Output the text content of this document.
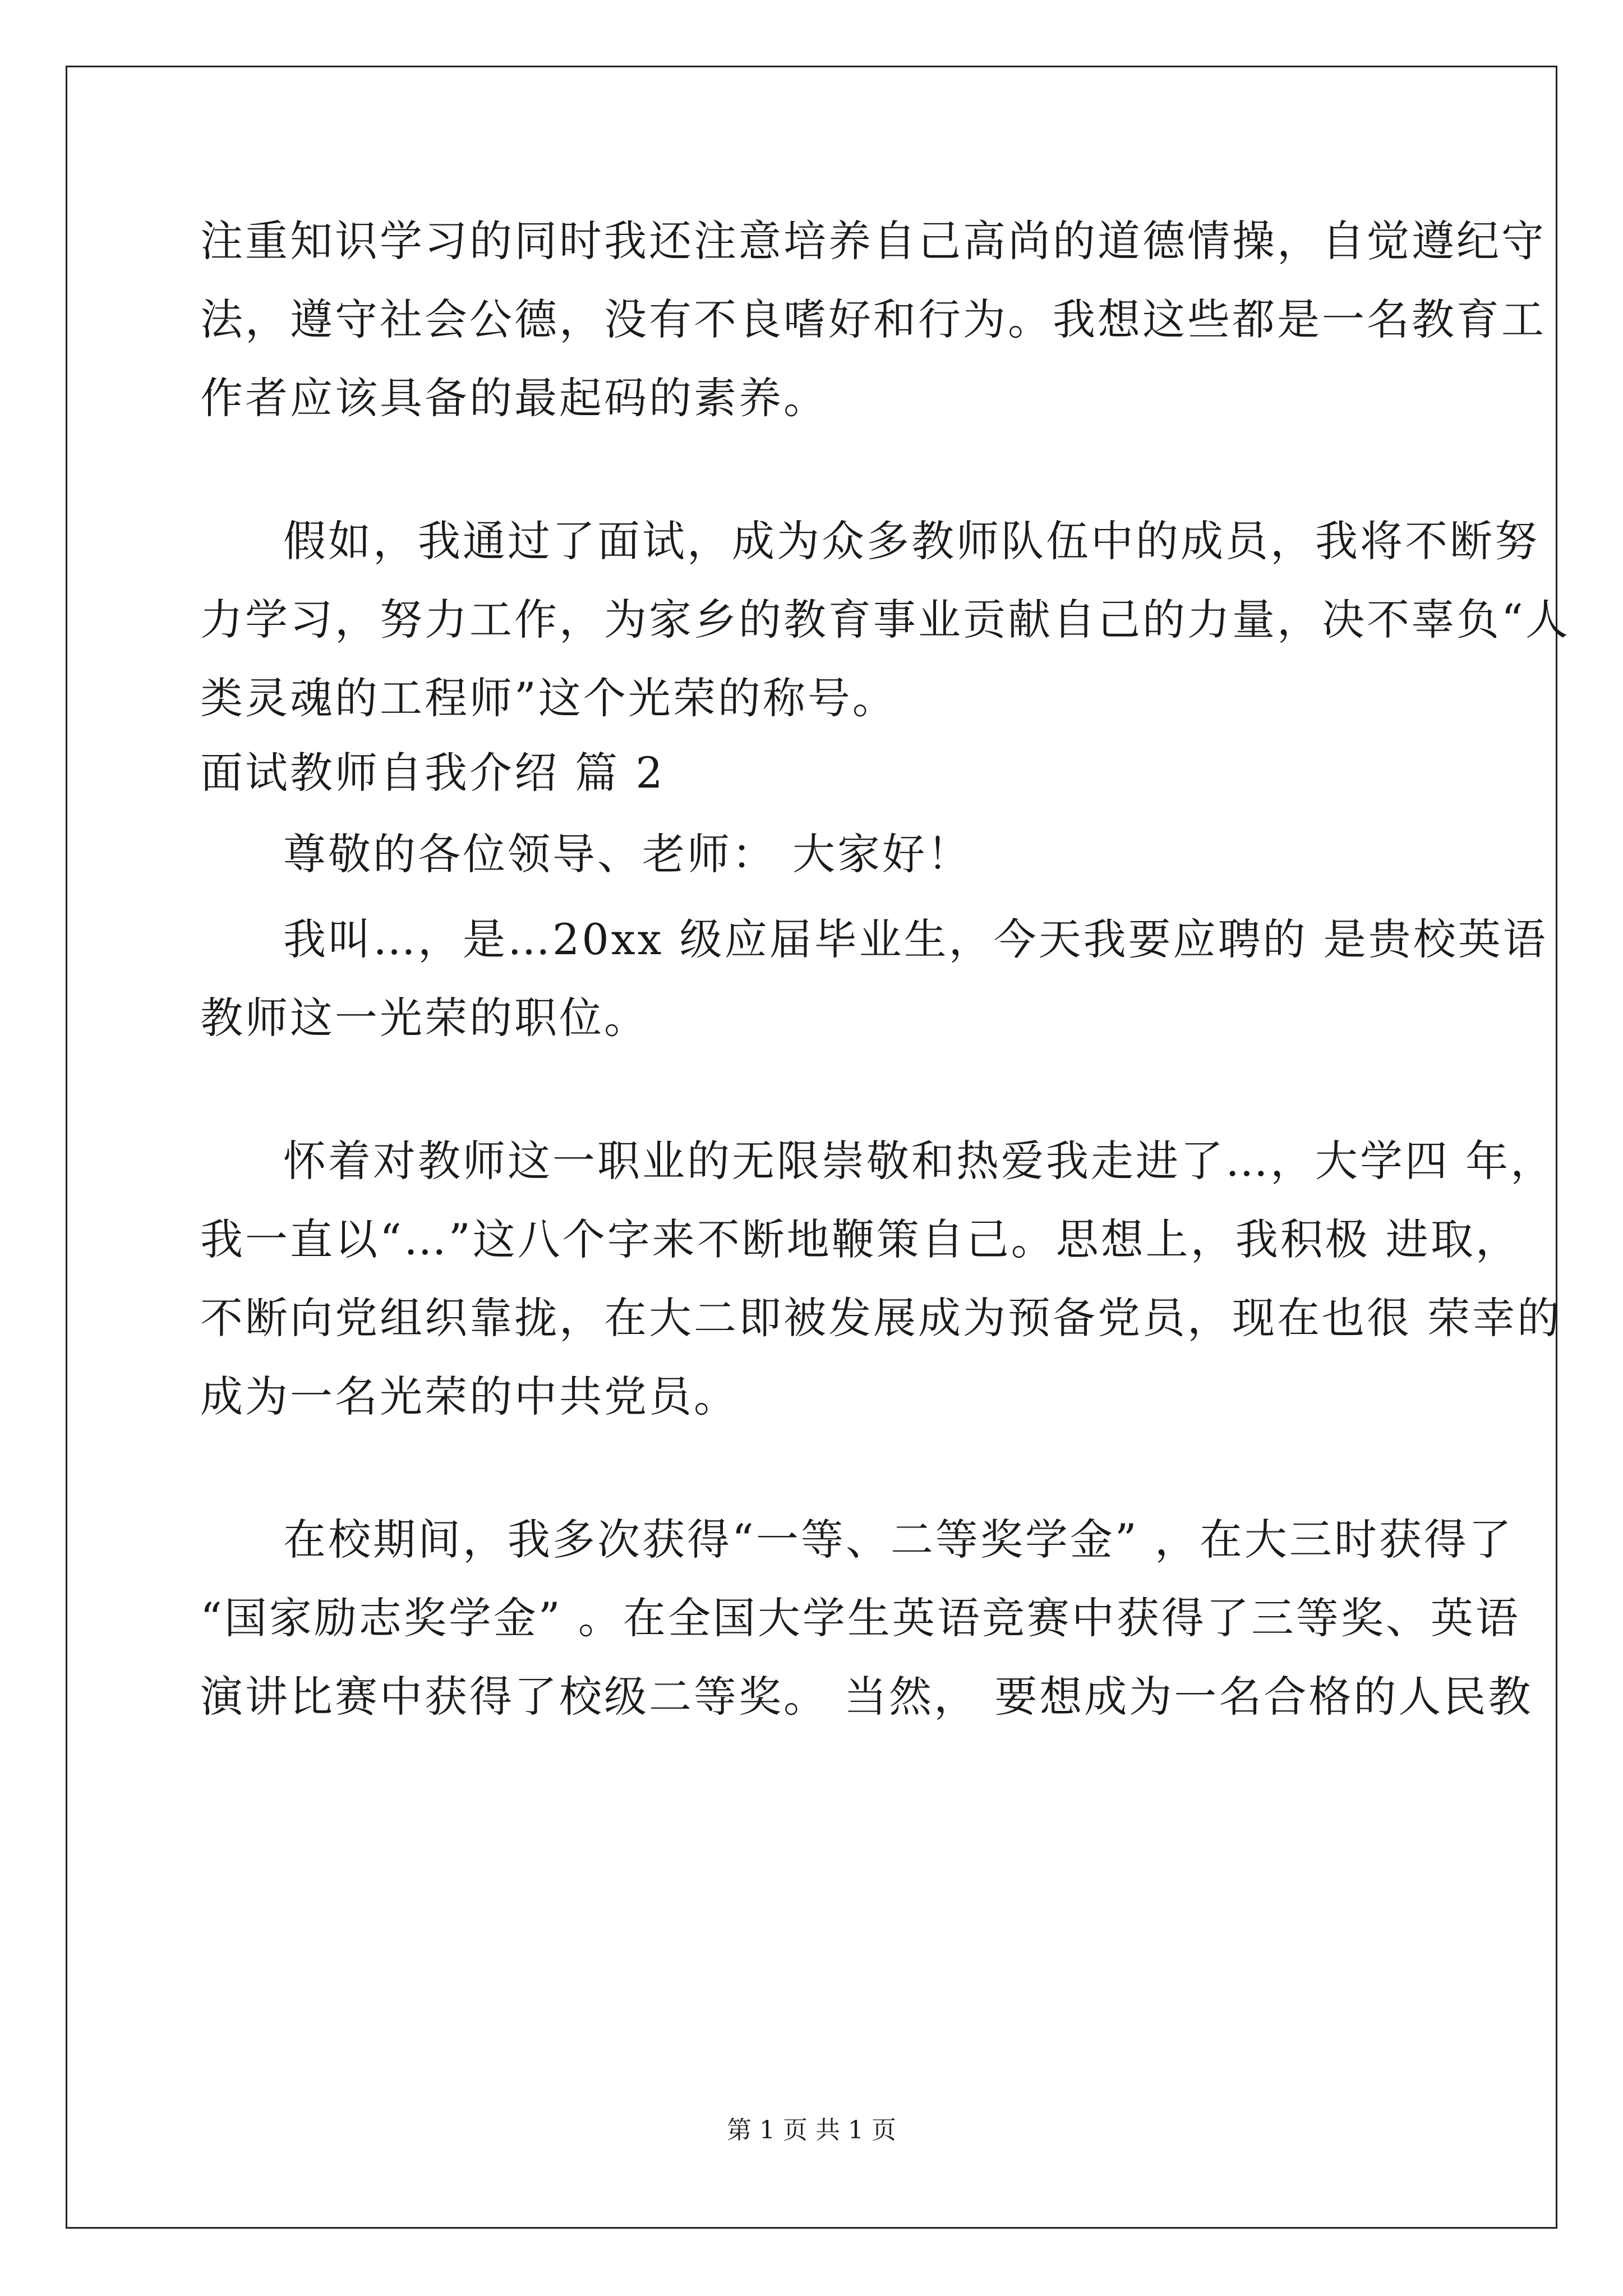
注重知识学习的同时我还注意培养自己高尚的道德情操，自觉遵纪守
法，遵守社会公德，没有不良嗜好和行为。我想这些都是一名教育工
作者应该具备的最起码的素养。
假如，我通过了面试，成为众多教师队伍中的成员，我将不断努
力学习，努力工作，为家乡的教育事业贡献自己的力量，决不辜负“人
类灵魂的工程师”这个光荣的称号。
面试教师自我介绍 篇 2
尊敬的各位领导、老师： 大家好！
我叫…，是…20xx 级应届毕业生，今天我要应聘的 是贵校英语
教师这一光荣的职位。
怀着对教师这一职业的无限崇敬和热爱我走进了…，大学四 年，
我一直以“…”这八个字来不断地鞭策自己。思想上，我积极 进取，
不断向党组织靠拢，在大二即被发展成为预备党员，现在也很 荣幸的
成为一名光荣的中共党员。
在校期间，我多次获得“一等、二等奖学金” ，在大三时获得了
“国家励志奖学金” 。在全国大学生英语竞赛中获得了三等奖、英语
演讲比赛中获得了校级二等奖。 当然， 要想成为一名合格的人民教
第 1 页 共 1 页
